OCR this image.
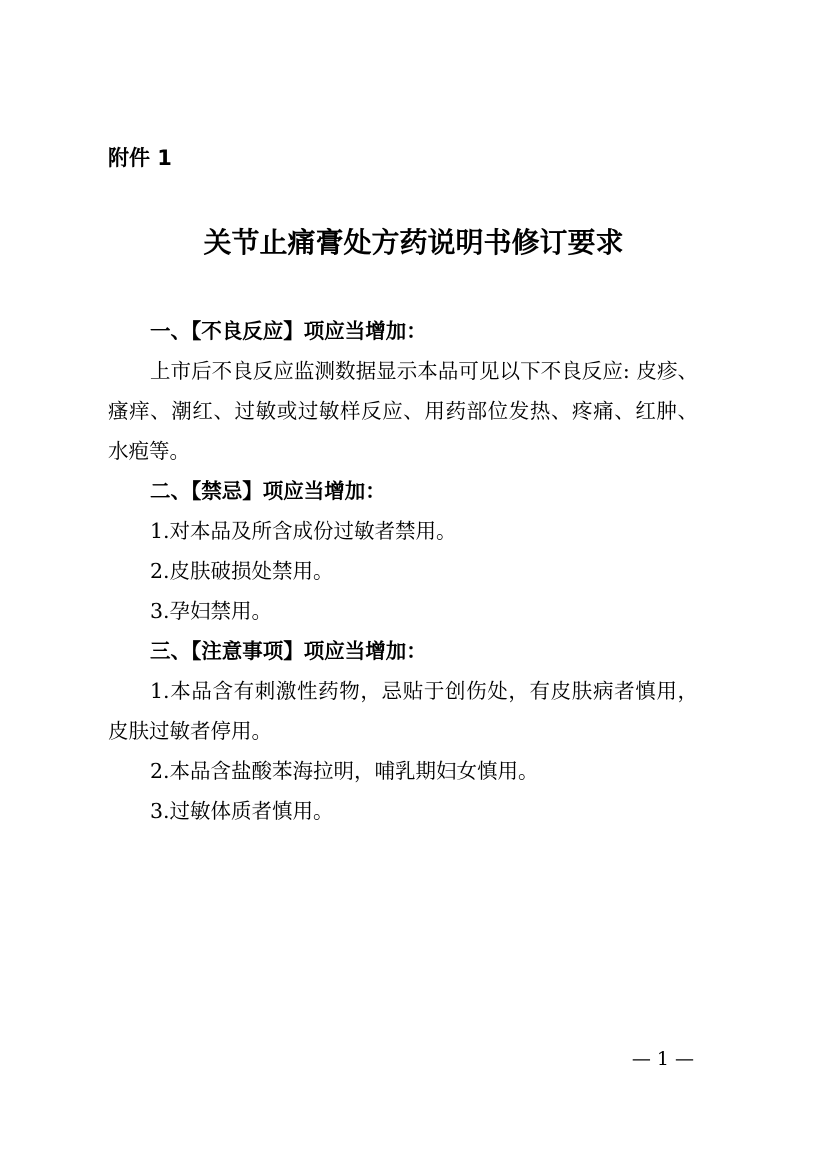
附件 1
关节止痛膏处方药说明书修订要求

一、【不良反应】项应当增加：

上市后不良反应监测数据显示本品可见以下不良反应: 皮疹、瘙痒、潮红、过敏或过敏样反应、用药部位发热、疼痛、红肿、水疱等。

二、【禁忌】项应当增加：

1.对本品及所含成份过敏者禁用。

2.皮肤破损处禁用。

3.孕妇禁用。

三、【注意事项】项应当增加：

1.本品含有刺激性药物，忌贴于创伤处，有皮肤病者慎用，皮肤过敏者停用。

2.本品含盐酸苯海拉明，哺乳期妇女慎用。

3.过敏体质者慎用。

— 1 —
